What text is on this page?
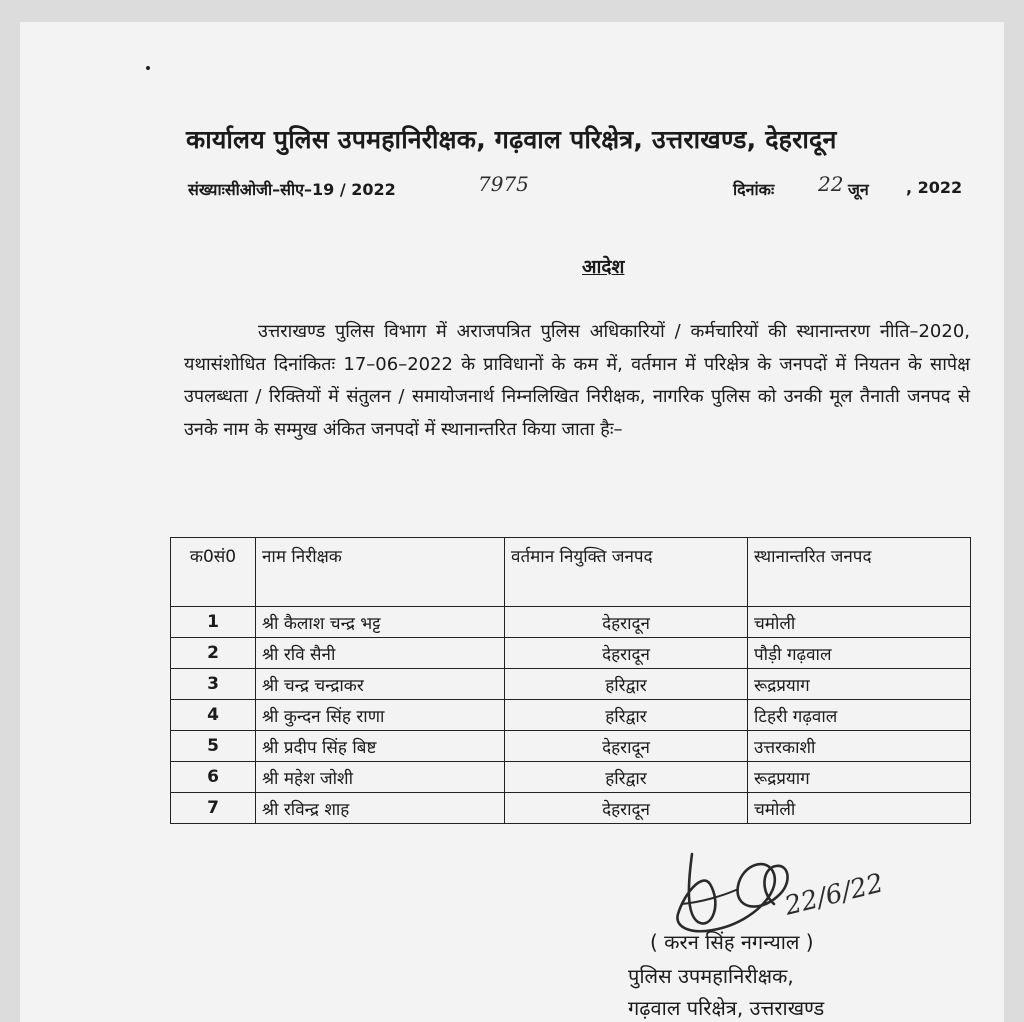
कार्यालय पुलिस उपमहानिरीक्षक, गढ़वाल परिक्षेत्र, उत्तराखण्ड, देहरादून
संख्याःसीओजी–सीए–19 / 2022	7975	दिनांकः 22 जून , 2022
आदेश
उत्तराखण्ड पुलिस विभाग में अराजपत्रित पुलिस अधिकारियों / कर्मचारियों की स्थानान्तरण नीति–2020, यथासंशोधित दिनांकितः 17–06–2022 के प्राविधानों के कम में, वर्तमान में परिक्षेत्र के जनपदों में नियतन के सापेक्ष उपलब्धता / रिक्तियों में संतुलन / समायोजनार्थ निम्नलिखित निरीक्षक, नागरिक पुलिस को उनकी मूल तैनाती जनपद से उनके नाम के सम्मुख अंकित जनपदों में स्थानान्तरित किया जाता हैः–
क0सं0	नाम निरीक्षक	वर्तमान नियुक्ति जनपद	स्थानान्तरित जनपद
1	श्री कैलाश चन्द्र भट्ट	देहरादून	चमोली
2	श्री रवि सैनी	देहरादून	पौड़ी गढ़वाल
3	श्री चन्द्र चन्द्राकर	हरिद्वार	रूद्रप्रयाग
4	श्री कुन्दन सिंह राणा	हरिद्वार	टिहरी गढ़वाल
5	श्री प्रदीप सिंह बिष्ट	देहरादून	उत्तरकाशी
6	श्री महेश जोशी	हरिद्वार	रूद्रप्रयाग
7	श्री रविन्द्र शाह	देहरादून	चमोली
22/6/22
( करन सिंह नगन्याल )
पुलिस उपमहानिरीक्षक,
गढ़वाल परिक्षेत्र, उत्तराखण्ड
